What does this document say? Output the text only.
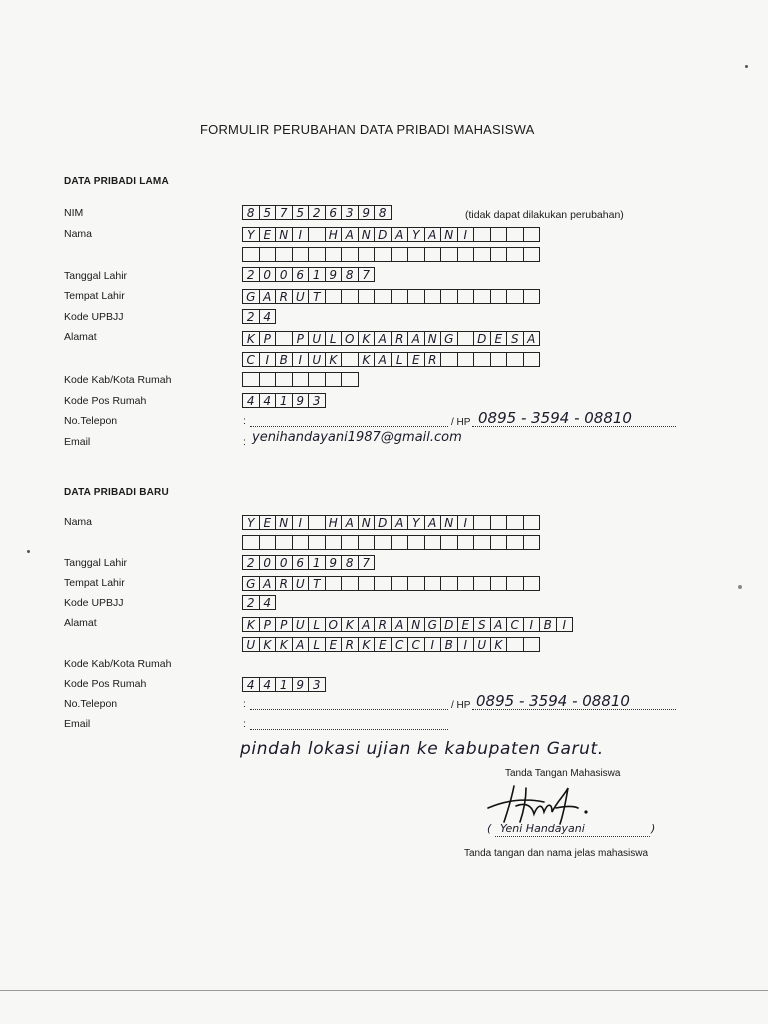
FORMULIR PERUBAHAN DATA PRIBADI MAHASISWA
DATA PRIBADI LAMA
NIM	8 5 7 5 2 6 3 9 8	(tidak dapat dilakukan perubahan)
Nama	Y E N I	H A N D A Y A N I
Tanggal Lahir	2 0 0 6 1 9 8 7
Tempat Lahir	G A R U T
Kode UPBJJ	2 4
Alamat	K P	P U L O K A R A N G	D E S A
C I B I U K	K A L E R
Kode Kab/Kota Rumah
Kode Pos Rumah	4 4 1 9 3
No.Telepon	:	/ HP 0895 - 3594 - 08810
Email	: yenihandayani1987@gmail.com
DATA PRIBADI BARU
Nama	Y E N I	H A N D A Y A N I
Tanggal Lahir	2 0 0 6 1 9 8 7
Tempat Lahir	G A R U T
Kode UPBJJ	2 4
Alamat	K P P U L O K A R A N G D E S A C I B I
U K K A L E R K E C C I B I U K
Kode Kab/Kota Rumah
Kode Pos Rumah	4 4 1 9 3
No.Telepon	:	/ HP 0895 - 3594 - 08810
Email	:
pindah lokasi ujian ke kabupaten Garut.
Tanda Tangan Mahasiswa
( Yeni Handayani	)
Tanda tangan dan nama jelas mahasiswa
